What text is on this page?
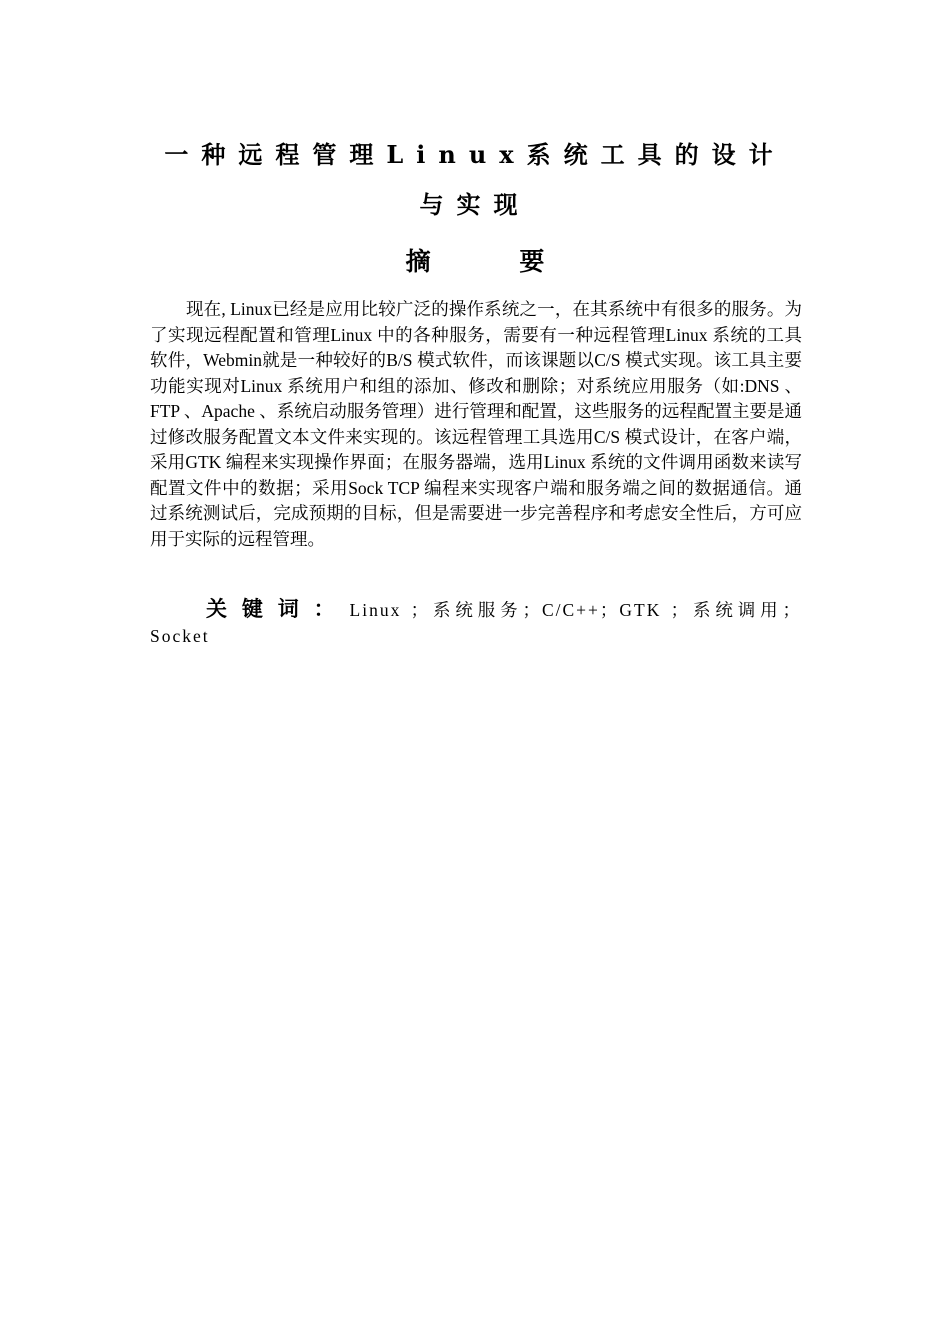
一种远程管理Linux系统工具的设计与实现
摘 要

现在, Linux已经是应用比较广泛的操作系统之一，在其系统中有很多的服务。为了实现远程配置和管理Linux 中的各种服务，需要有一种远程管理Linux 系统的工具软件，Webmin就是一种较好的B/S 模式软件，而该课题以C/S 模式实现。该工具主要功能实现对Linux 系统用户和组的添加、修改和删除；对系统应用服务（如:DNS 、FTP 、Apache 、系统启动服务管理）进行管理和配置，这些服务的远程配置主要是通过修改服务配置文本文件来实现的。该远程管理工具选用C/S 模式设计，在客户端，采用GTK 编程来实现操作界面；在服务器端，选用Linux 系统的文件调用函数来读写配置文件中的数据；采用Sock TCP 编程来实现客户端和服务端之间的数据通信。通过系统测试后，完成预期的目标，但是需要进一步完善程序和考虑安全性后，方可应用于实际的远程管理。

关键词：Linux ；系统服务；C/C++；GTK ；系统调用；Socket
